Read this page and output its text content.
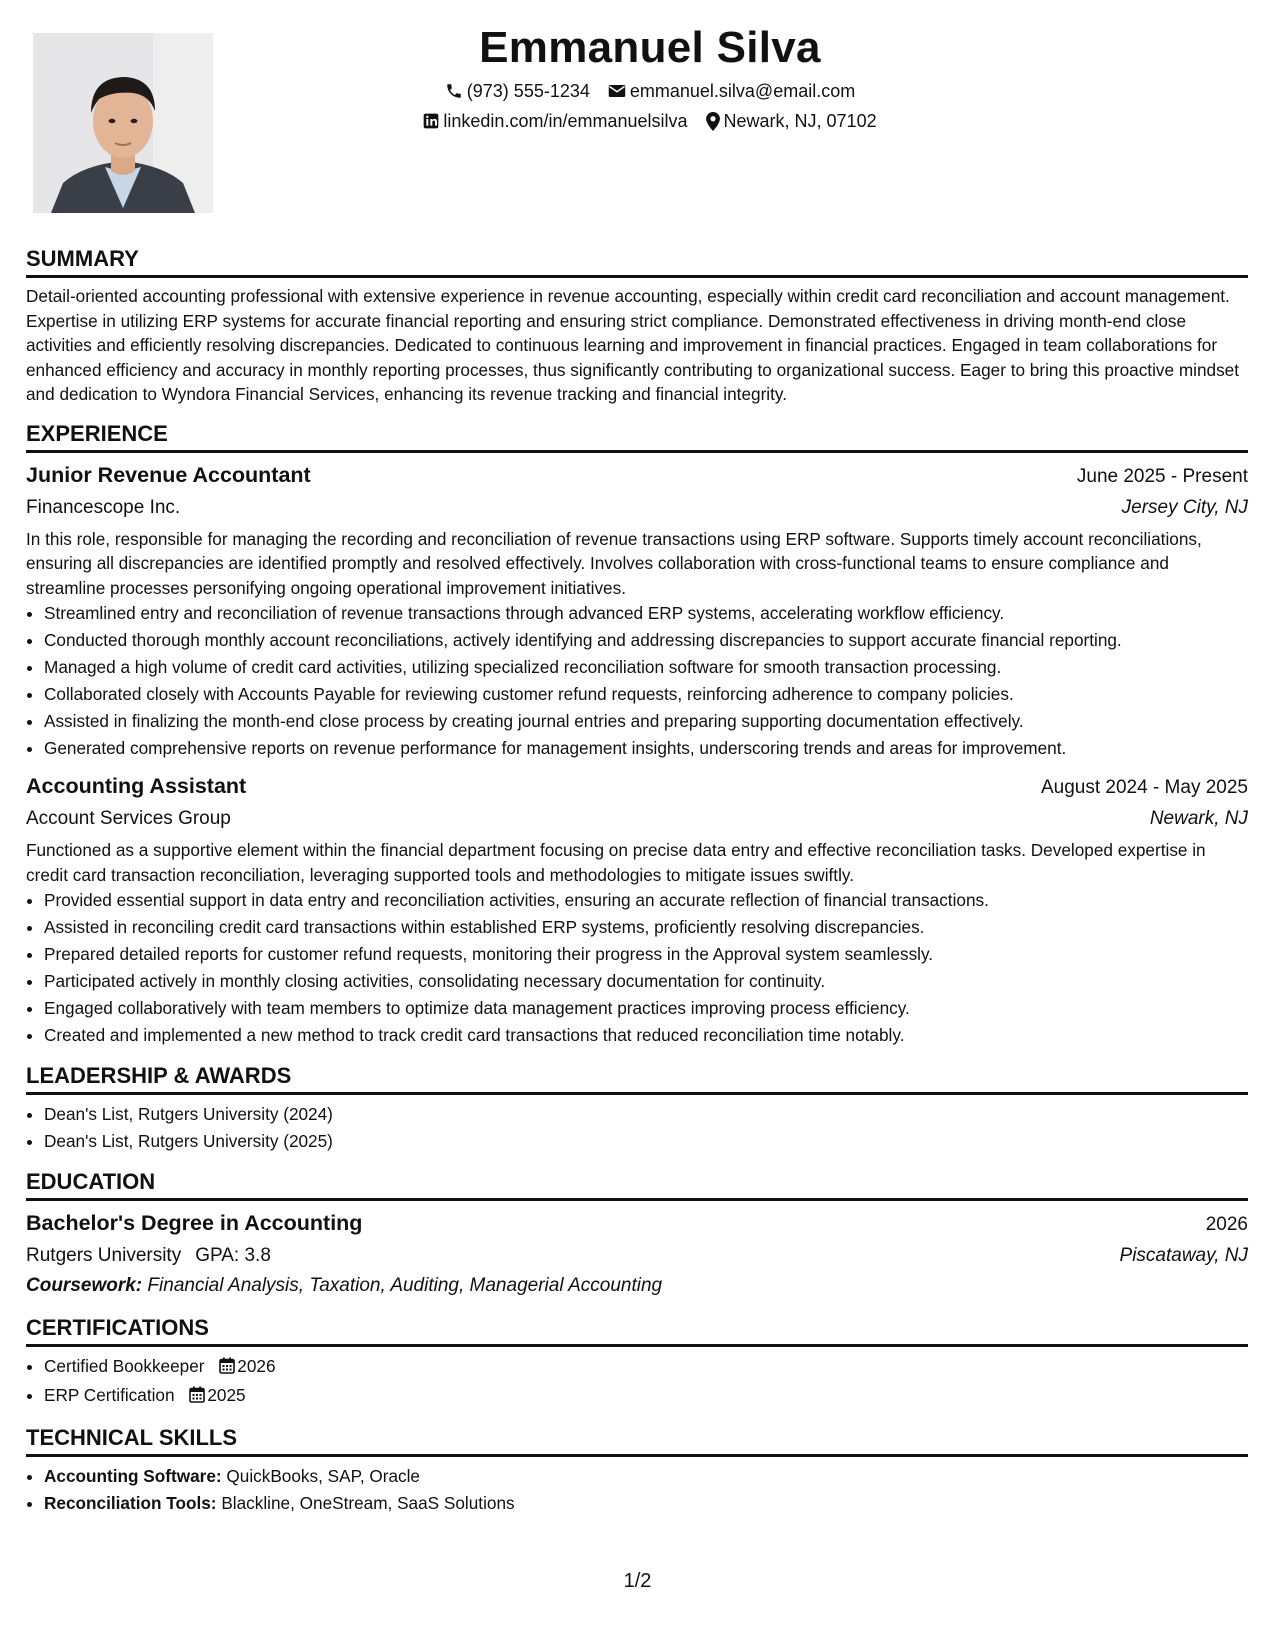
Emmanuel Silva
(973) 555-1234 emmanuel.silva@email.com
linkedin.com/in/emmanuelsilva Newark, NJ, 07102
SUMMARY

Detail-oriented accounting professional with extensive experience in revenue accounting, especially within credit card reconciliation and account management. Expertise in utilizing ERP systems for accurate financial reporting and ensuring strict compliance. Demonstrated effectiveness in driving month-end close activities and efficiently resolving discrepancies. Dedicated to continuous learning and improvement in financial practices. Engaged in team collaborations for enhanced efficiency and accuracy in monthly reporting processes, thus significantly contributing to organizational success. Eager to bring this proactive mindset and dedication to Wyndora Financial Services, enhancing its revenue tracking and financial integrity.

EXPERIENCE
Junior Revenue Accountant	June 2025 - Present
Financescope Inc.	Jersey City, NJ

In this role, responsible for managing the recording and reconciliation of revenue transactions using ERP software. Supports timely account reconciliations, ensuring all discrepancies are identified promptly and resolved effectively. Involves collaboration with cross-functional teams to ensure compliance and streamline processes personifying ongoing operational improvement initiatives.

• Streamlined entry and reconciliation of revenue transactions through advanced ERP systems, accelerating workflow efficiency.
• Conducted thorough monthly account reconciliations, actively identifying and addressing discrepancies to support accurate financial reporting.
• Managed a high volume of credit card activities, utilizing specialized reconciliation software for smooth transaction processing.
• Collaborated closely with Accounts Payable for reviewing customer refund requests, reinforcing adherence to company policies.
• Assisted in finalizing the month-end close process by creating journal entries and preparing supporting documentation effectively.
• Generated comprehensive reports on revenue performance for management insights, underscoring trends and areas for improvement.
Accounting Assistant	August 2024 - May 2025
Account Services Group	Newark, NJ

Functioned as a supportive element within the financial department focusing on precise data entry and effective reconciliation tasks. Developed expertise in credit card transaction reconciliation, leveraging supported tools and methodologies to mitigate issues swiftly.

• Provided essential support in data entry and reconciliation activities, ensuring an accurate reflection of financial transactions.
• Assisted in reconciling credit card transactions within established ERP systems, proficiently resolving discrepancies.
• Prepared detailed reports for customer refund requests, monitoring their progress in the Approval system seamlessly.
• Participated actively in monthly closing activities, consolidating necessary documentation for continuity.
• Engaged collaboratively with team members to optimize data management practices improving process efficiency.
• Created and implemented a new method to track credit card transactions that reduced reconciliation time notably.
LEADERSHIP & AWARDS
• Dean's List, Rutgers University (2024)
• Dean's List, Rutgers University (2025)
EDUCATION
Bachelor's Degree in Accounting	2026
Rutgers University GPA: 3.8	Piscataway, NJ
Coursework: Financial Analysis, Taxation, Auditing, Managerial Accounting
CERTIFICATIONS
• Certified Bookkeeper 2026
• ERP Certification 2025
TECHNICAL SKILLS
• Accounting Software: QuickBooks, SAP, Oracle
• Reconciliation Tools: Blackline, OneStream, SaaS Solutions
1/2
